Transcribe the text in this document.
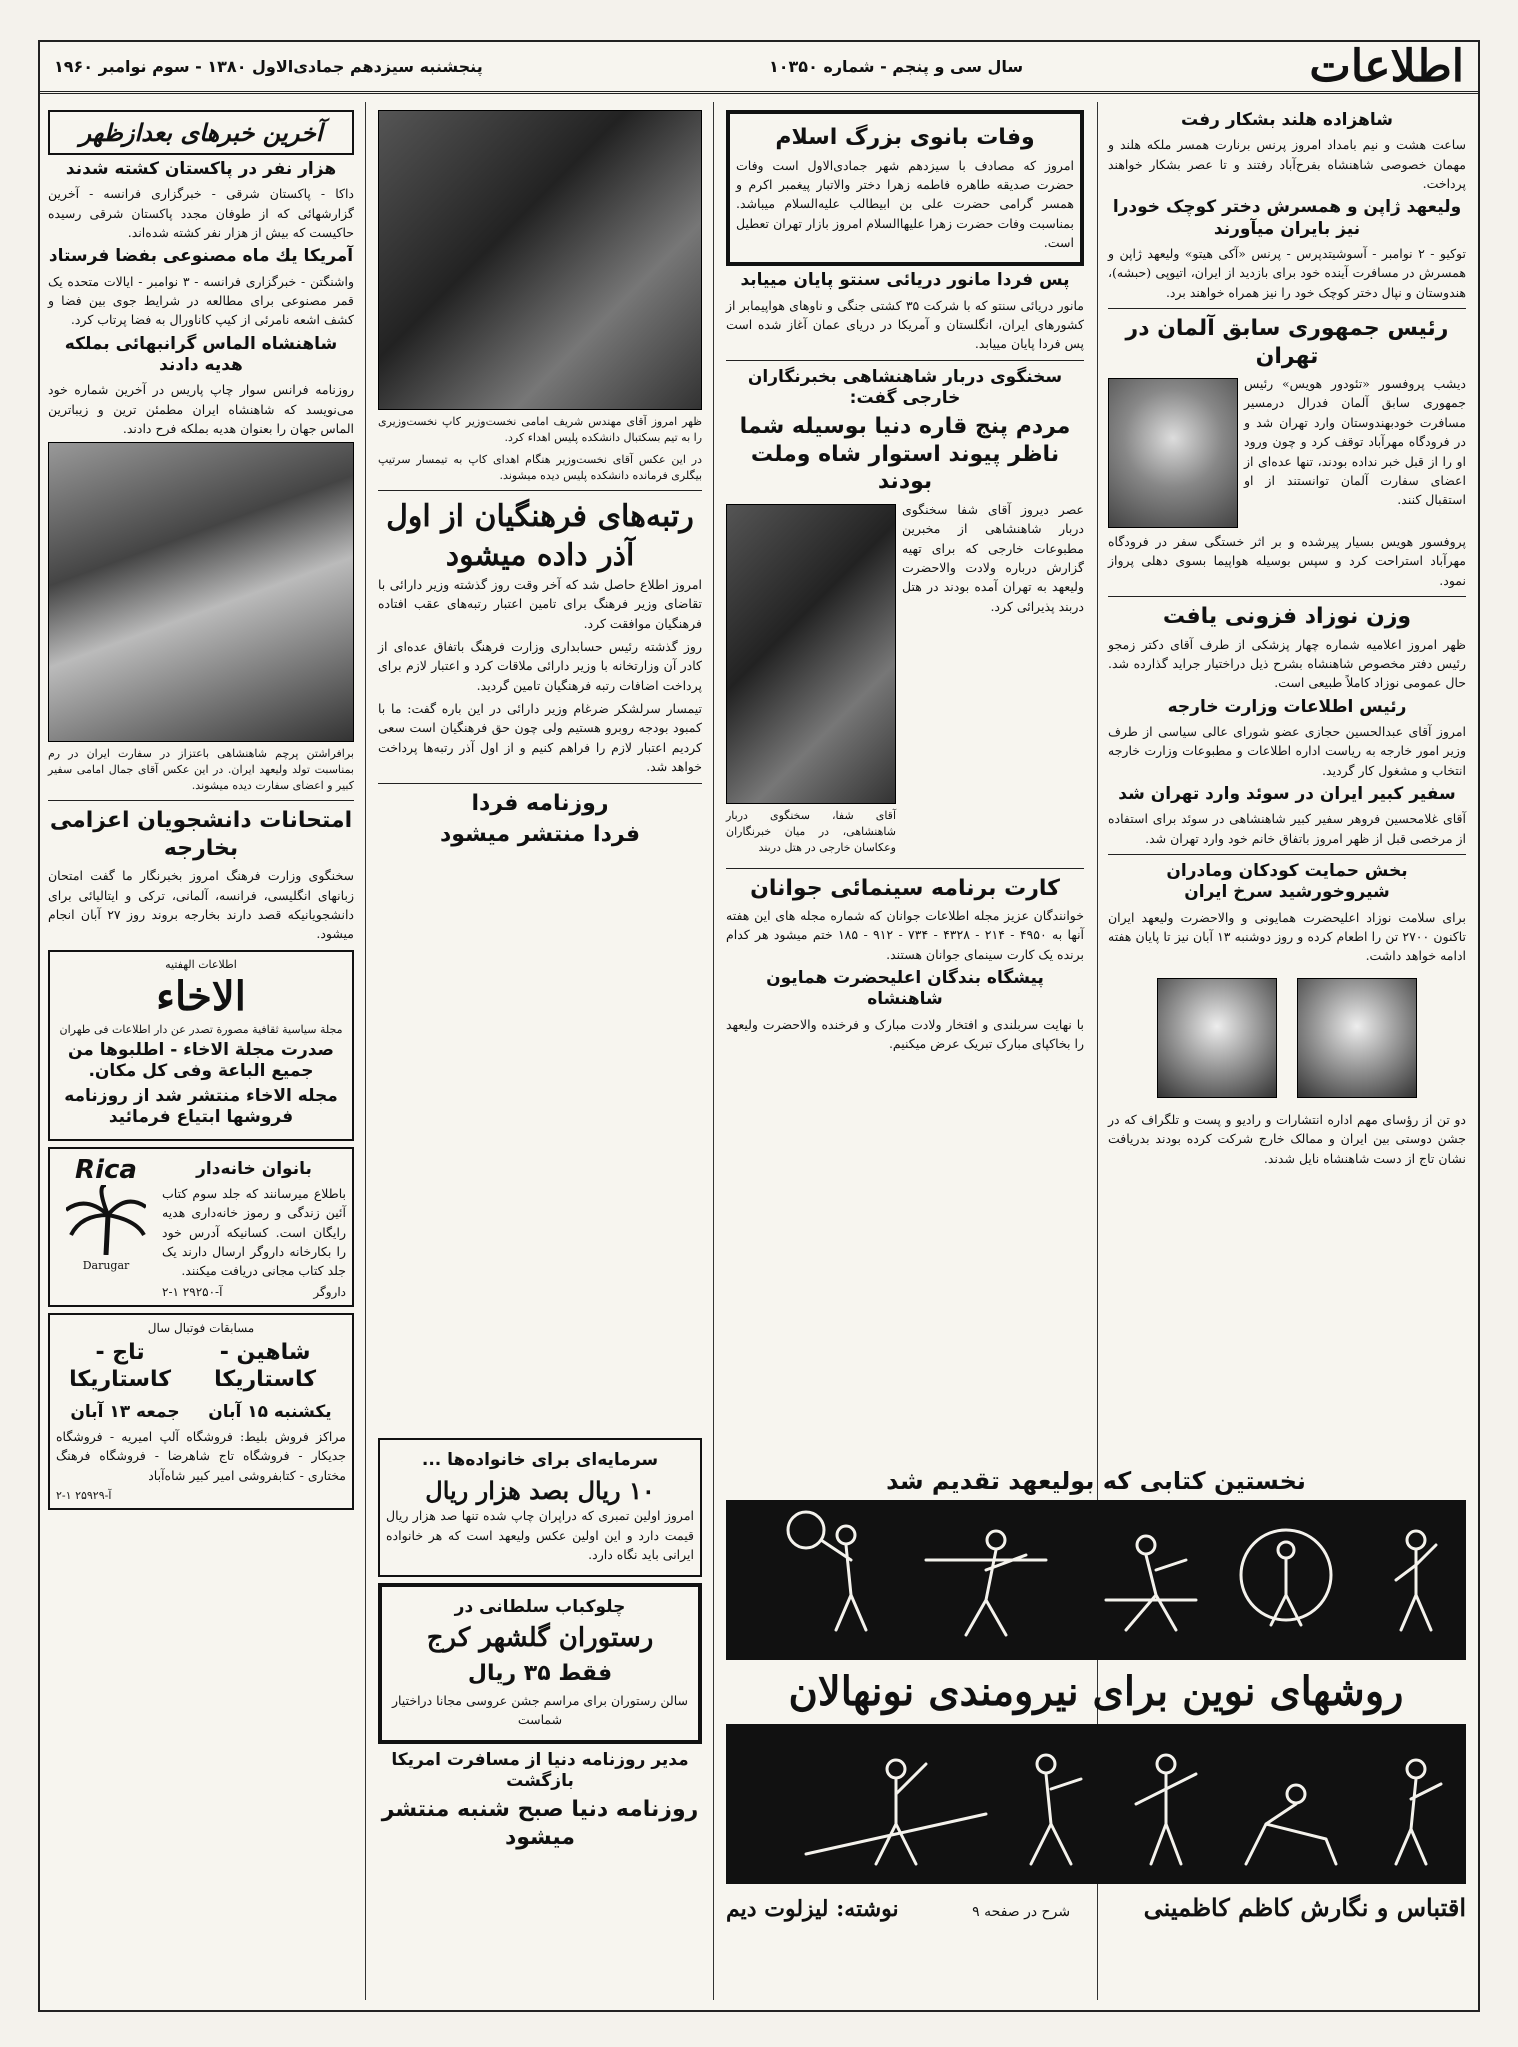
اطلاعات
سال سی و پنجم - شماره ۱۰۳۵۰
پنجشنبه سیزدهم جمادی‌الاول ۱۳۸۰ - سوم نوامبر ۱۹۶۰
شاهزاده هلند بشکار رفت

ساعت هشت و نیم بامداد امروز پرنس برنارت همسر ملکه هلند و مهمان خصوصی شاهنشاه بفرح‌آباد رفتند و تا عصر بشکار خواهند پرداخت.

ولیعهد ژاپن و همسرش دختر کوچک خودرا نیز بایران میآورند

توکیو - ۲ نوامبر - آسوشیتدپرس - پرنس «آکی هیتو» ولیعهد ژاپن و همسرش در مسافرت آینده خود برای بازدید از ایران، اتیوپی (حبشه)، هندوستان و نپال دختر کوچک خود را نیز همراه خواهند برد.

رئیس جمهوری سابق آلمان در تهران

دیشب پروفسور «تئودور هویس» رئیس جمهوری سابق آلمان فدرال درمسیر مسافرت خودبهندوستان وارد تهران شد و در فرودگاه مهرآباد توقف کرد و چون ورود او را از قبل خبر نداده بودند، تنها عده‌ای از اعضای سفارت آلمان توانستند از او استقبال کنند.

پروفسور هویس بسیار پیرشده و بر اثر خستگی سفر در فرودگاه مهرآباد استراحت کرد و سپس بوسیله هواپیما بسوی دهلی پرواز نمود.

وزن نوزاد فزونی یافت

ظهر امروز اعلامیه شماره چهار پزشکی از طرف آقای دکتر زمجو رئیس دفتر مخصوص شاهنشاه بشرح ذیل دراختیار جراید گذارده شد. حال عمومی نوزاد کاملاً طبیعی است.

رئیس اطلاعات وزارت خارجه

امروز آقای عبدالحسین حجازی عضو شورای عالی سیاسی از طرف وزیر امور خارجه به ریاست اداره اطلاعات و مطبوعات وزارت خارجه انتخاب و مشغول کار گردید.

سفیر کبیر ایران در سوئد وارد تهران شد

آقای غلامحسین فروهر سفیر کبیر شاهنشاهی در سوئد برای استفاده از مرخصی قبل از ظهر امروز باتفاق خانم خود وارد تهران شد.

بخش حمایت کودکان ومادران شیروخورشید سرخ ایران

برای سلامت نوزاد اعلیحضرت همایونی و والاحضرت ولیعهد ایران تاکنون ۲۷۰۰ تن را اطعام کرده و روز دوشنبه ۱۳ آبان نیز تا پایان هفته ادامه خواهد داشت.

دو تن از رؤسای مهم اداره انتشارات و رادیو و پست و تلگراف که در جشن دوستی بین ایران و ممالک خارج شرکت کرده بودند بدریافت نشان تاج از دست شاهنشاه نایل شدند.

وفات بانوی بزرگ اسلام

امروز که مصادف با سیزدهم شهر جمادی‌الاول است وفات حضرت صدیقه طاهره فاطمه زهرا دختر والاتبار پیغمبر اکرم و همسر گرامی حضرت علی بن ابیطالب علیه‌السلام میباشد. بمناسبت وفات حضرت زهرا علیهاالسلام امروز بازار تهران تعطیل است.

پس فردا مانور دریائی سنتو پایان مییابد

مانور دریائی سنتو که با شرکت ۳۵ کشتی جنگی و ناوهای هواپیمابر از کشورهای ایران، انگلستان و آمریکا در دریای عمان آغاز شده است پس فردا پایان مییابد.

سخنگوی دربار شاهنشاهی بخبرنگاران خارجی گفت:
مردم پنج قاره دنیا بوسیله شما ناظر پیوند استوار شاه وملت بودند

عصر دیروز آقای شفا سخنگوی دربار شاهنشاهی از مخبرین مطبوعات خارجی که برای تهیه گزارش درباره ولادت والاحضرت ولیعهد به تهران آمده بودند در هتل دربند پذیرائی کرد.

آقای شفا، سخنگوی دربار شاهنشاهی، در میان خبرنگاران وعکاسان خارجی در هتل دربند
کارت برنامه سینمائی جوانان

خوانندگان عزیز مجله اطلاعات جوانان که شماره مجله های این هفته آنها به ۴۹۵۰ - ۲۱۴ - ۴۳۲۸ - ۷۳۴ - ۹۱۲ - ۱۸۵ ختم میشود هر کدام برنده یک کارت سینمای جوانان هستند.

پیشگاه بندگان اعلیحضرت همایون شاهنشاه

با نهایت سربلندی و افتخار ولادت مبارک و فرخنده والاحضرت ولیعهد را بخاکپای مبارک تبریک عرض میکنیم.

ظهر امروز آقای مهندس شریف امامی نخست‌وزیر کاپ نخست‌وزیری را به تیم بسکتبال دانشکده پلیس اهداء کرد.
در این عکس آقای نخست‌وزیر هنگام اهدای کاپ به تیمسار سرتیپ بیگلری فرمانده دانشکده پلیس دیده میشوند.
رتبه‌های فرهنگیان از اول آذر داده میشود

امروز اطلاع حاصل شد که آخر وقت روز گذشته وزیر دارائی با تقاضای وزیر فرهنگ برای تامین اعتبار رتبه‌های عقب افتاده فرهنگیان موافقت کرد.

روز گذشته رئیس حسابداری وزارت فرهنگ باتفاق عده‌ای از کادر آن وزارتخانه با وزیر دارائی ملاقات کرد و اعتبار لازم برای پرداخت اضافات رتبه فرهنگیان تامین گردید.

تیمسار سرلشکر ضرغام وزیر دارائی در این باره گفت: ما با کمبود بودجه روبرو هستیم ولی چون حق فرهنگیان است سعی کردیم اعتبار لازم را فراهم کنیم و از اول آذر رتبه‌ها پرداخت خواهد شد.

روزنامه فردا
فردا منتشر میشود
سرمایه‌ای برای خانواده‌ها ...
۱۰ ریال بصد هزار ریال

امروز اولین تمبری که دراپران چاپ شده تنها صد هزار ریال قیمت دارد و این اولین عکس ولیعهد است که هر خانواده ایرانی باید نگاه دارد.

چلوکباب سلطانی در
رستوران گلشهر کرج
فقط ۳۵ ریال

سالن رستوران برای مراسم جشن عروسی مجانا دراختیار شماست

مدیر روزنامه دنیا از مسافرت امریکا بازگشت
روزنامه دنیا صبح شنبه منتشر میشود
نخستین کتابی که بولیعهد تقدیم شد
روشهای نوین برای نیرومندی نونهالان
اقتباس و نگارش کاظم کاظمینی
شرح در صفحه ۹
نوشته: لیزلوت دیم
آخرین خبرهای بعدازظهر
هزار نفر در پاکستان کشته شدند

داکا - پاکستان شرقی - خبرگزاری فرانسه - آخرین گزارشهائی که از طوفان مجدد پاکستان شرقی رسیده حاکیست که بیش از هزار نفر کشته شده‌اند.

آمریکا یك ماه مصنوعی بفضا فرستاد

واشنگتن - خبرگزاری فرانسه - ۳ نوامبر - ایالات متحده یک قمر مصنوعی برای مطالعه در شرایط جوی بین فضا و کشف اشعه نامرئی از کیپ کاناورال به فضا پرتاب کرد.

شاهنشاه الماس گرانبهائی بملکه هدیه دادند

روزنامه فرانس سوار چاپ پاریس در آخرین شماره خود می‌نویسد که شاهنشاه ایران مطمئن ترین و زیباترین الماس جهان را بعنوان هدیه بملکه فرح دادند.

برافراشتن پرچم شاهنشاهی باعتزاز در سفارت ایران در رم بمناسبت تولد ولیعهد ایران. در این عکس آقای جمال امامی سفیر کبیر و اعضای سفارت دیده میشوند.
امتحانات دانشجویان اعزامی بخارجه

سخنگوی وزارت فرهنگ امروز بخبرنگار ما گفت امتحان زبانهای انگلیسی، فرانسه، آلمانی، ترکی و ایتالیائی برای دانشجویانیکه قصد دارند بخارجه بروند روز ۲۷ آبان انجام میشود.

اطلاعات الهفتیه
الاخاء
مجلة سیاسیة ثقافیة مصورة تصدر عن دار اطلاعات فی طهران
صدرت مجلة الاخاء - اطلبوها من جمیع الباعة وفی کل مکان.
مجله الاخاء منتشر شد از روزنامه فروشها ابتیاع فرمائید
بانوان خانه‌دار

باطلاع میرسانند که جلد سوم کتاب آئین زندگی و رموز خانه‌داری هدیه رایگان است. کسانیکه آدرس خود را بکارخانه داروگر ارسال دارند یک جلد کتاب مجانی دریافت میکنند.

داروگر
آ-۲۹۲۵۰ ۱-۲
Rica
Darugar
مسابقات فوتبال سال
شاهین - کاستاریکا
تاج - کاستاریکا
یکشنبه ۱۵ آبان
جمعه ۱۳ آبان

مراکز فروش بلیط: فروشگاه آلپ امیریه - فروشگاه جدیکار - فروشگاه تاج شاهرضا - فروشگاه فرهنگ مختاری - کتابفروشی امیر کبیر شاه‌آباد

آ-۲۵۹۲۹ ۱-۲
